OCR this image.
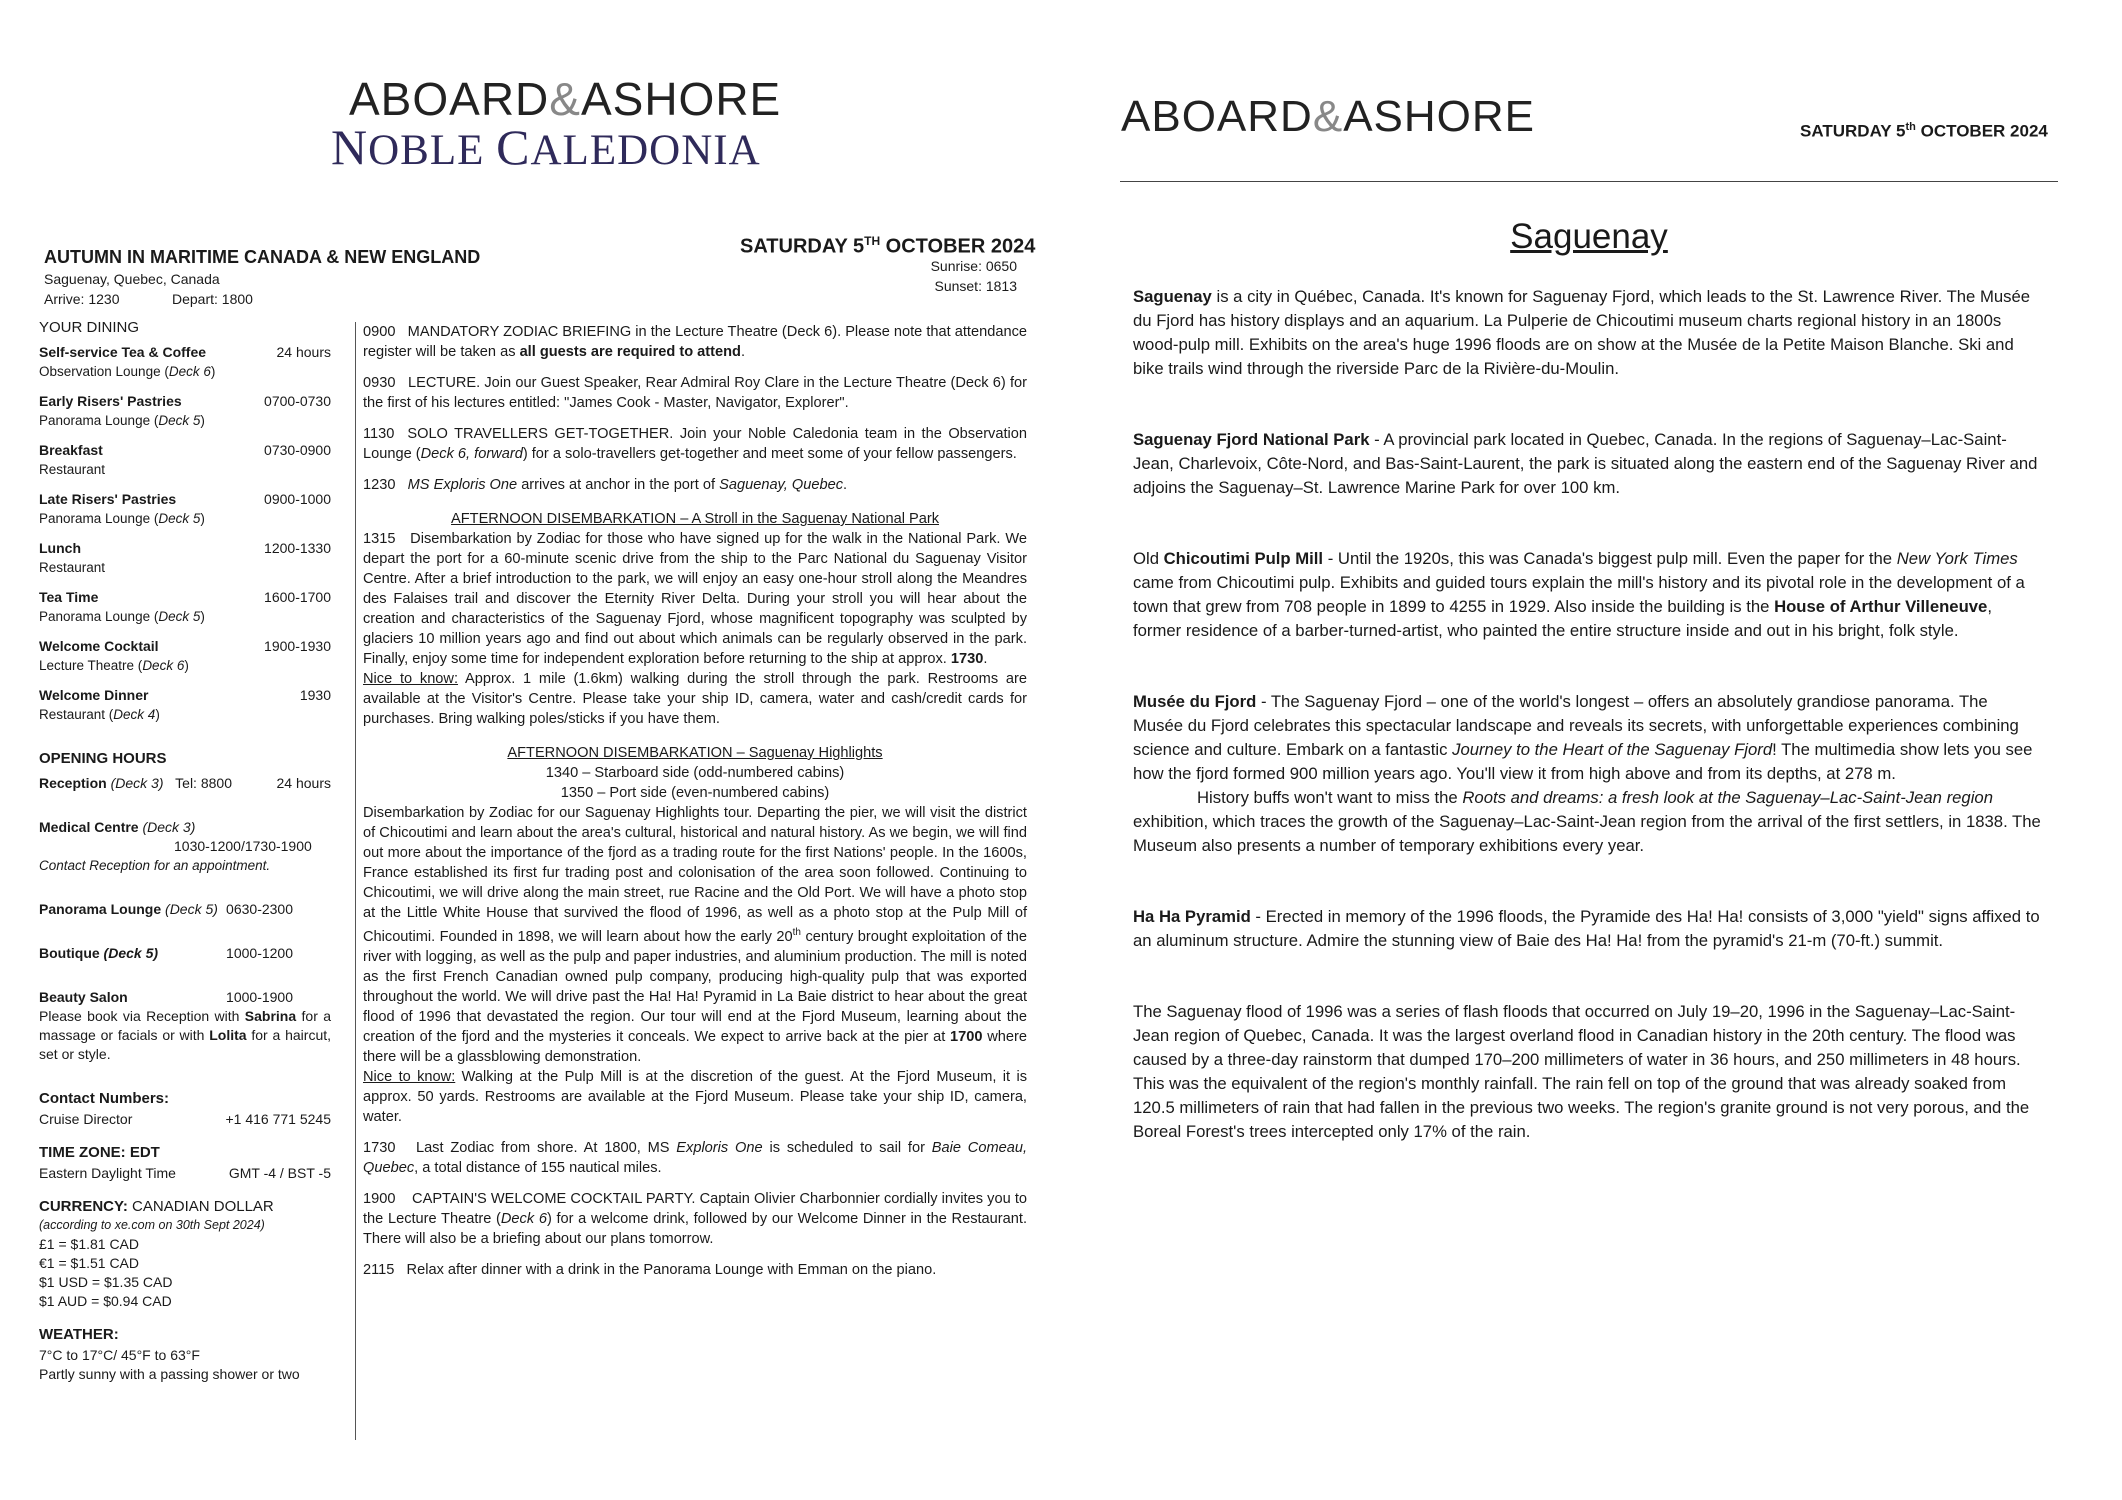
ABOARD&ASHORE
NOBLE CALEDONIA
AUTUMN IN MARITIME CANADA & NEW ENGLAND
Saguenay, Quebec, Canada
Arrive: 1230	Depart: 1800
SATURDAY 5TH OCTOBER 2024
Sunrise: 0650
Sunset: 1813
YOUR DINING
Self-service Tea & Coffee	24 hours
Observation Lounge (Deck 6)
Early Risers' Pastries	0700-0730
Panorama Lounge (Deck 5)
Breakfast	0730-0900
Restaurant
Late Risers' Pastries	0900-1000
Panorama Lounge (Deck 5)
Lunch	1200-1330
Restaurant
Tea Time	1600-1700
Panorama Lounge (Deck 5)
Welcome Cocktail	1900-1930
Lecture Theatre (Deck 6)
Welcome Dinner	1930
Restaurant (Deck 4)
OPENING HOURS
Reception (Deck 3) Tel: 8800	24 hours
Medical Centre (Deck 3)
1030-1200/1730-1900
Contact Reception for an appointment.
Panorama Lounge (Deck 5) 0630-2300
Boutique (Deck 5)	1000-1200
Beauty Salon	1000-1900
Please book via Reception with Sabrina for a massage or facials or with Lolita for a haircut, set or style.
Contact Numbers:
Cruise Director	+1 416 771 5245
TIME ZONE: EDT
Eastern Daylight Time	GMT -4 / BST -5
CURRENCY: CANADIAN DOLLAR
(according to xe.com on 30th Sept 2024)
£1 = $1.81 CAD
€1 = $1.51 CAD
$1 USD = $1.35 CAD
$1 AUD = $0.94 CAD
WEATHER:
7°C to 17°C/ 45°F to 63°F
Partly sunny with a passing shower or two

0900 MANDATORY ZODIAC BRIEFING in the Lecture Theatre (Deck 6). Please note that attendance register will be taken as all guests are required to attend.

0930 LECTURE. Join our Guest Speaker, Rear Admiral Roy Clare in the Lecture Theatre (Deck 6) for the first of his lectures entitled: "James Cook - Master, Navigator, Explorer".

1130 SOLO TRAVELLERS GET-TOGETHER. Join your Noble Caledonia team in the Observation Lounge (Deck 6, forward) for a solo-travellers get-together and meet some of your fellow passengers.

1230 MS Exploris One arrives at anchor in the port of Saguenay, Quebec.

AFTERNOON DISEMBARKATION – A Stroll in the Saguenay National Park

1315   Disembarkation by Zodiac for those who have signed up for the walk in the National Park. We depart the port for a 60-minute scenic drive from the ship to the Parc National du Saguenay Visitor Centre. After a brief introduction to the park, we will enjoy an easy one-hour stroll along the Meandres des Falaises trail and discover the Eternity River Delta. During your stroll you will hear about the creation and characteristics of the Saguenay Fjord, whose magnificent topography was sculpted by glaciers 10 million years ago and find out about which animals can be regularly observed in the park. Finally, enjoy some time for independent exploration before returning to the ship at approx. 1730.

Nice to know: Approx. 1 mile (1.6km) walking during the stroll through the park. Restrooms are available at the Visitor's Centre. Please take your ship ID, camera, water and cash/credit cards for purchases. Bring walking poles/sticks if you have them.

AFTERNOON DISEMBARKATION – Saguenay Highlights

1340 – Starboard side (odd-numbered cabins)

1350 – Port side (even-numbered cabins)

Disembarkation by Zodiac for our Saguenay Highlights tour. Departing the pier, we will visit the district of Chicoutimi and learn about the area's cultural, historical and natural history. As we begin, we will find out more about the importance of the fjord as a trading route for the first Nations' people. In the 1600s, France established its first fur trading post and colonisation of the area soon followed. Continuing to Chicoutimi, we will drive along the main street, rue Racine and the Old Port. We will have a photo stop at the Little White House that survived the flood of 1996, as well as a photo stop at the Pulp Mill of Chicoutimi. Founded in 1898, we will learn about how the early 20th century brought exploitation of the river with logging, as well as the pulp and paper industries, and aluminium production. The mill is noted as the first French Canadian owned pulp company, producing high-quality pulp that was exported throughout the world. We will drive past the Ha! Ha! Pyramid in La Baie district to hear about the great flood of 1996 that devastated the region. Our tour will end at the Fjord Museum, learning about the creation of the fjord and the mysteries it conceals. We expect to arrive back at the pier at 1700 where there will be a glassblowing demonstration.

Nice to know: Walking at the Pulp Mill is at the discretion of the guest. At the Fjord Museum, it is approx. 50 yards. Restrooms are available at the Fjord Museum. Please take your ship ID, camera, water.

1730 Last Zodiac from shore. At 1800, MS Exploris One is scheduled to sail for Baie Comeau, Quebec, a total distance of 155 nautical miles.

1900 CAPTAIN'S WELCOME COCKTAIL PARTY. Captain Olivier Charbonnier cordially invites you to the Lecture Theatre (Deck 6) for a welcome drink, followed by our Welcome Dinner in the Restaurant. There will also be a briefing about our plans tomorrow.

2115   Relax after dinner with a drink in the Panorama Lounge with Emman on the piano.

ABOARD&ASHORE	SATURDAY 5th OCTOBER 2024
Saguenay

Saguenay is a city in Québec, Canada. It's known for Saguenay Fjord, which leads to the St. Lawrence River. The Musée du Fjord has history displays and an aquarium. La Pulperie de Chicoutimi museum charts regional history in an 1800s wood-pulp mill. Exhibits on the area's huge 1996 floods are on show at the Musée de la Petite Maison Blanche. Ski and bike trails wind through the riverside Parc de la Rivière-du-Moulin.

Saguenay Fjord National Park - A provincial park located in Quebec, Canada. In the regions of Saguenay–Lac-Saint-Jean, Charlevoix, Côte-Nord, and Bas-Saint-Laurent, the park is situated along the eastern end of the Saguenay River and adjoins the Saguenay–St. Lawrence Marine Park for over 100 km.

Old Chicoutimi Pulp Mill - Until the 1920s, this was Canada's biggest pulp mill. Even the paper for the New York Times came from Chicoutimi pulp. Exhibits and guided tours explain the mill's history and its pivotal role in the development of a town that grew from 708 people in 1899 to 4255 in 1929. Also inside the building is the House of Arthur Villeneuve, former residence of a barber-turned-artist, who painted the entire structure inside and out in his bright, folk style.

Musée du Fjord - The Saguenay Fjord – one of the world's longest – offers an absolutely grandiose panorama. The Musée du Fjord celebrates this spectacular landscape and reveals its secrets, with unforgettable experiences combining science and culture. Embark on a fantastic Journey to the Heart of the Saguenay Fjord! The multimedia show lets you see how the fjord formed 900 million years ago. You'll view it from high above and from its depths, at 278 m.

History buffs won't want to miss the Roots and dreams: a fresh look at the Saguenay–Lac-Saint-Jean region exhibition, which traces the growth of the Saguenay–Lac-Saint-Jean region from the arrival of the first settlers, in 1838. The Museum also presents a number of temporary exhibitions every year.

Ha Ha Pyramid - Erected in memory of the 1996 floods, the Pyramide des Ha! Ha! consists of 3,000 "yield" signs affixed to an aluminum structure. Admire the stunning view of Baie des Ha! Ha! from the pyramid's 21-m (70-ft.) summit.

The Saguenay flood of 1996 was a series of flash floods that occurred on July 19–20, 1996 in the Saguenay–Lac-Saint-Jean region of Quebec, Canada. It was the largest overland flood in Canadian history in the 20th century. The flood was caused by a three-day rainstorm that dumped 170–200 millimeters of water in 36 hours, and 250 millimeters in 48 hours. This was the equivalent of the region's monthly rainfall. The rain fell on top of the ground that was already soaked from 120.5 millimeters of rain that had fallen in the previous two weeks. The region's granite ground is not very porous, and the Boreal Forest's trees intercepted only 17% of the rain.
